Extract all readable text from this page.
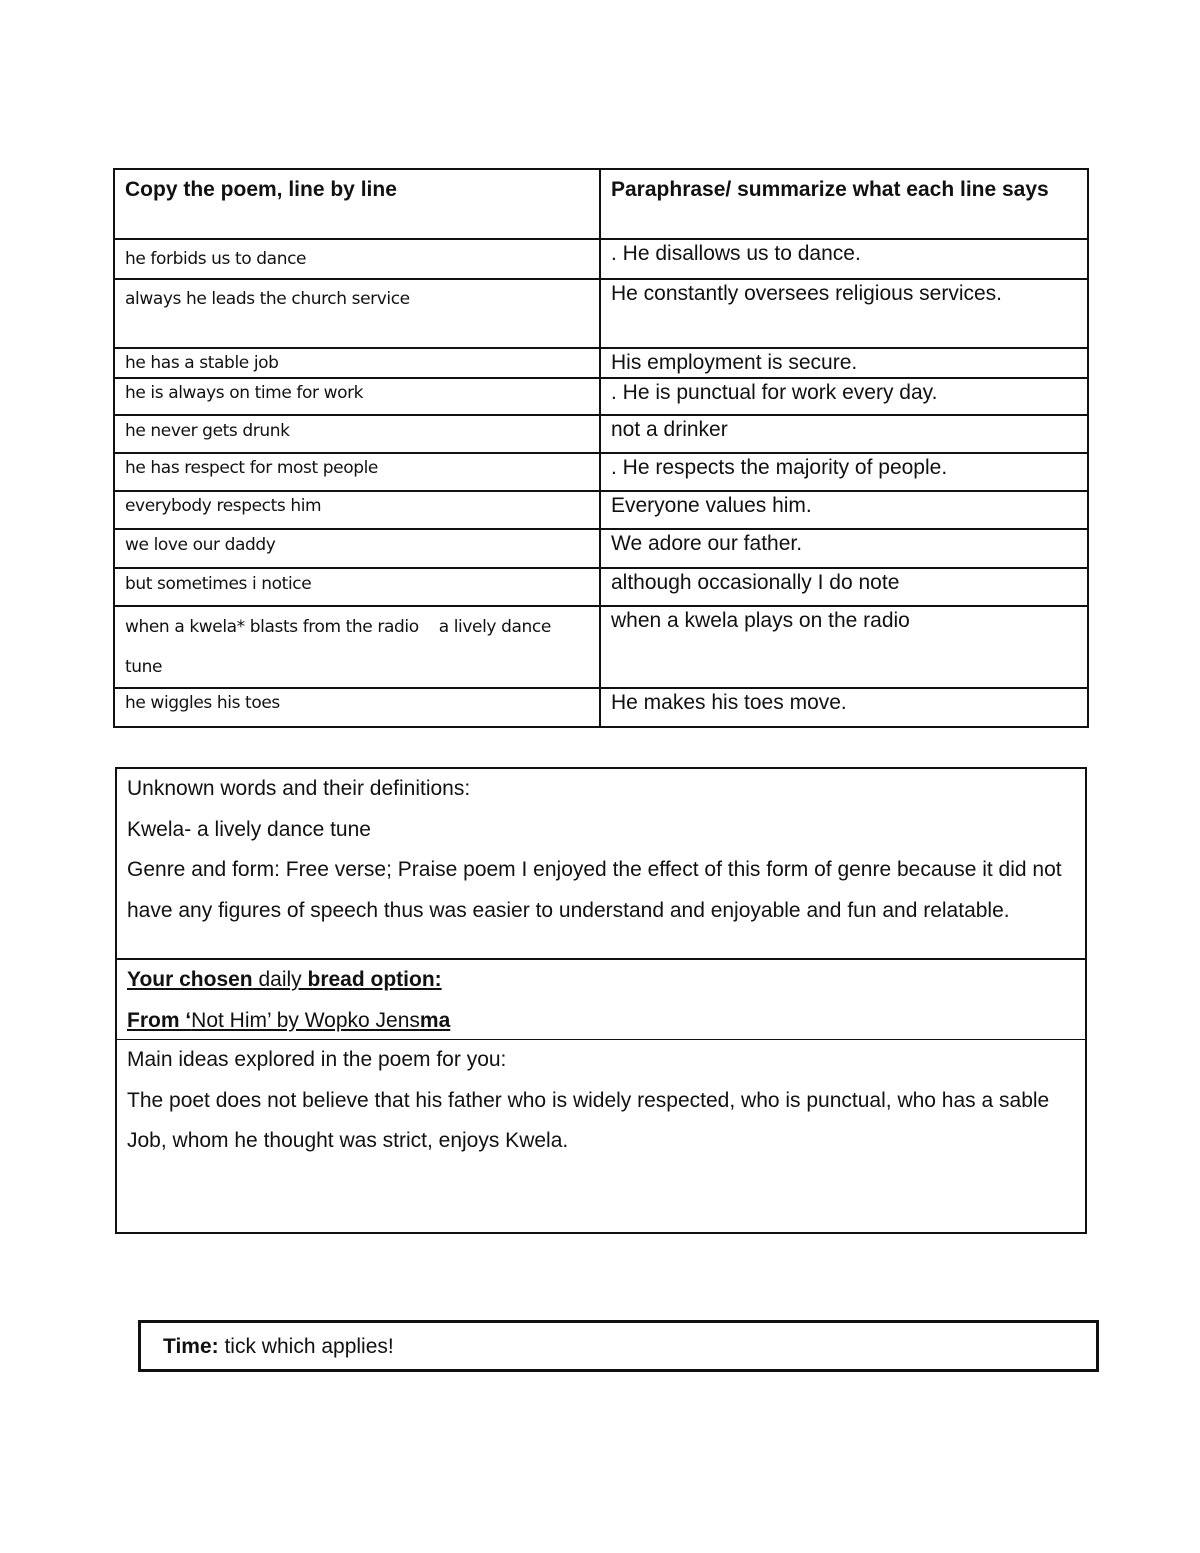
Copy the poem, line by line	Paraphrase/ summarize what each line says
he forbids us to dance	. He disallows us to dance.
always he leads the church service	He constantly oversees religious services.
he has a stable job	His employment is secure.
he is always on time for work	. He is punctual for work every day.
he never gets drunk	not a drinker
he has respect for most people	. He respects the majority of people.
everybody respects him	Everyone values him.
we love our daddy	We adore our father.
but sometimes i notice	although occasionally I do note
when a kwela* blasts from the radio    a lively dance tune	when a kwela plays on the radio
he wiggles his toes	He makes his toes move.

Unknown words and their definitions:

Kwela- a lively dance tune

Genre and form: Free verse; Praise poem I enjoyed the effect of this form of genre because it did not have any figures of speech thus was easier to understand and enjoyable and fun and relatable.

Your chosen daily bread option:

From ‘Not Him’ by Wopko Jensma

Main ideas explored in the poem for you:

The poet does not believe that his father who is widely respected, who is punctual, who has a sable Job, whom he thought was strict, enjoys Kwela.

Time: tick which applies!
